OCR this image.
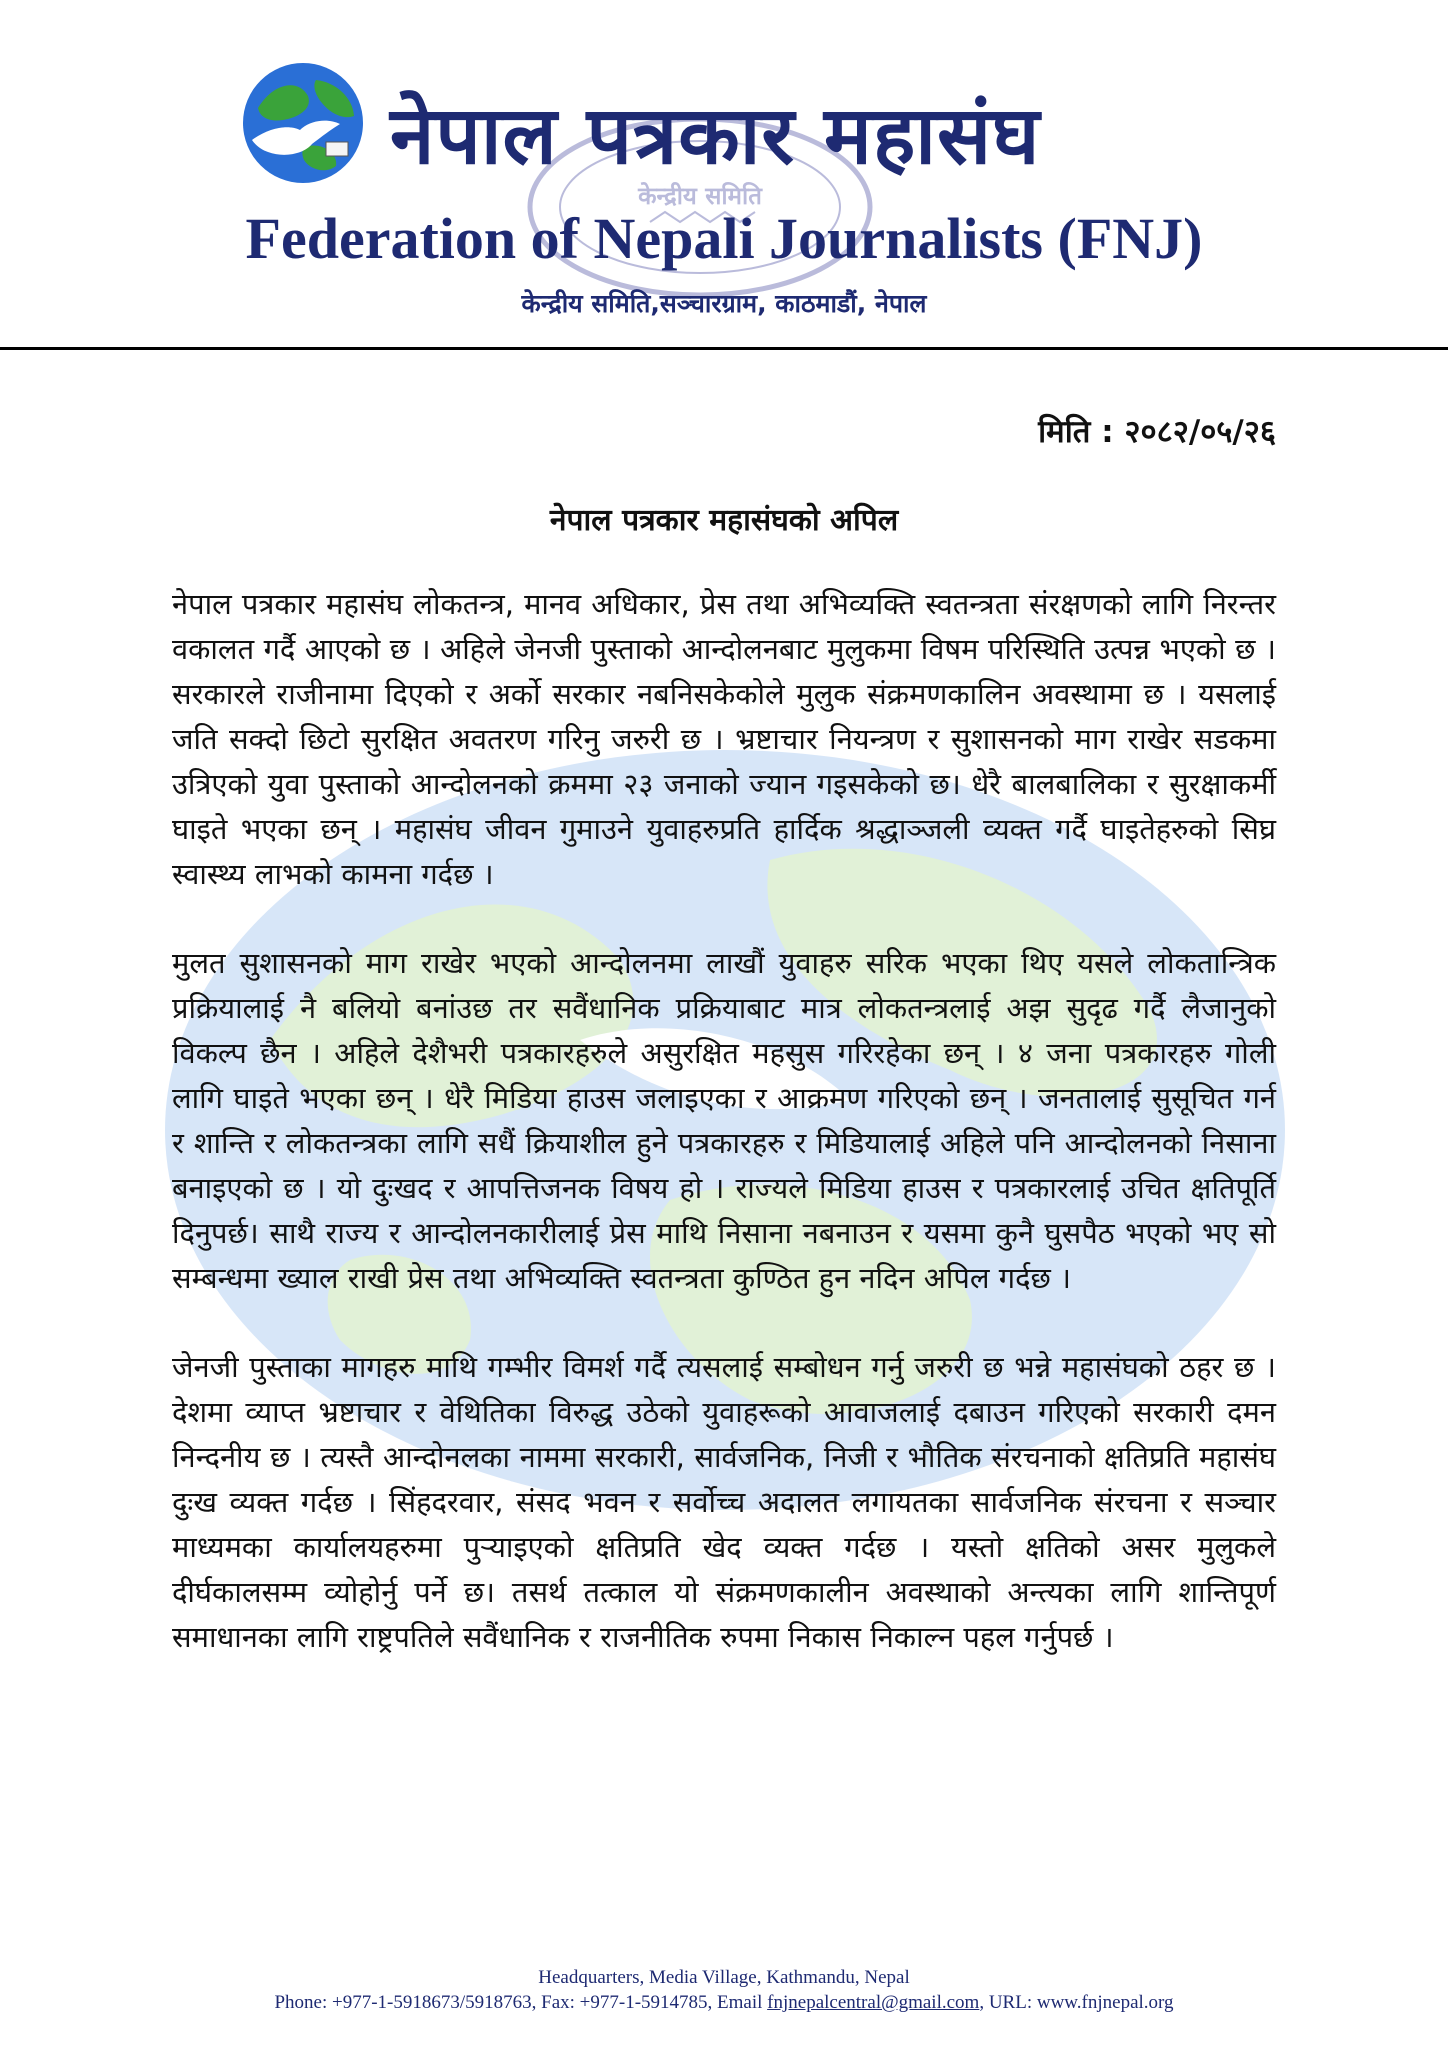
नेपाल पत्रकार महासंघ
Federation of Nepali Journalists (FNJ)

केन्द्रीय समिति,सञ्चारग्राम, काठमाडौं, नेपाल

केन्द्रीय समिति

मिति : २०८२/०५/२६

नेपाल पत्रकार महासंघको अपिल

नेपाल पत्रकार महासंघ लोकतन्त्र, मानव अधिकार, प्रेस तथा अभिव्यक्ति स्वतन्त्रता संरक्षणको लागि निरन्तर वकालत गर्दै आएको छ । अहिले जेनजी पुस्ताको आन्दोलनबाट मुलुकमा विषम परिस्थिति उत्पन्न भएको छ । सरकारले राजीनामा दिएको र अर्को सरकार नबनिसकेकोले मुलुक संक्रमणकालिन अवस्थामा छ । यसलाई जति सक्दो छिटो सुरक्षित अवतरण गरिनु जरुरी छ । भ्रष्टाचार नियन्त्रण र सुशासनको माग राखेर सडकमा उत्रिएको युवा पुस्ताको आन्दोलनको क्रममा २३ जनाको ज्यान गइसकेको छ। धेरै बालबालिका र सुरक्षाकर्मी घाइते भएका छन् । महासंघ जीवन गुमाउने युवाहरुप्रति हार्दिक श्रद्धाञ्जली व्यक्त गर्दै घाइतेहरुको सिघ्र स्वास्थ्य लाभको कामना गर्दछ ।

मुलत सुशासनको माग राखेर भएको आन्दोलनमा लाखौं युवाहरु सरिक भएका थिए यसले लोकतान्त्रिक प्रक्रियालाई नै बलियो बनांउछ तर सवैंधानिक प्रक्रियाबाट मात्र लोकतन्त्रलाई अझ सुदृढ गर्दै लैजानुको विकल्प छैन । अहिले देशैभरी पत्रकारहरुले असुरक्षित महसुस गरिरहेका छन् । ४ जना पत्रकारहरु गोली लागि घाइते भएका छन् । धेरै मिडिया हाउस जलाइएका र आक्रमण गरिएको छन् । जनतालाई सुसूचित गर्न र शान्ति र लोकतन्त्रका लागि सधैं क्रियाशील हुने पत्रकारहरु र मिडियालाई अहिले पनि आन्दोलनको निसाना बनाइएको छ । यो दुःखद र आपत्तिजनक विषय हो । राज्यले मिडिया हाउस र पत्रकारलाई उचित क्षतिपूर्ति दिनुपर्छ। साथै राज्य र आन्दोलनकारीलाई प्रेस माथि निसाना नबनाउन र यसमा कुनै घुसपैठ भएको भए सो सम्बन्धमा ख्याल राखी प्रेस तथा अभिव्यक्ति स्वतन्त्रता कुण्ठित हुन नदिन अपिल गर्दछ ।

जेनजी पुस्ताका मागहरु माथि गम्भीर विमर्श गर्दै त्यसलाई सम्बोधन गर्नु जरुरी छ भन्ने महासंघको ठहर छ । देशमा व्याप्त भ्रष्टाचार र वेथितिका विरुद्ध उठेको युवाहरूको आवाजलाई दबाउन गरिएको सरकारी दमन निन्दनीय छ । त्यस्तै आन्दोनलका नाममा सरकारी, सार्वजनिक, निजी र भौतिक संरचनाको क्षतिप्रति महासंघ दुःख व्यक्त गर्दछ । सिंहदरवार, संसद भवन र सर्वोच्च अदालत लगायतका सार्वजनिक संरचना र सञ्चार माध्यमका कार्यालयहरुमा पुऱ्याइएको क्षतिप्रति खेद व्यक्त गर्दछ । यस्तो क्षतिको असर मुलुकले दीर्घकालसम्म व्योहोर्नु पर्ने छ। तसर्थ तत्काल यो संक्रमणकालीन अवस्थाको अन्त्यका लागि शान्तिपूर्ण समाधानका लागि राष्ट्रपतिले सवैंधानिक र राजनीतिक रुपमा निकास निकाल्न पहल गर्नुपर्छ ।

Headquarters, Media Village, Kathmandu, Nepal
Phone: +977-1-5918673/5918763, Fax: +977-1-5914785, Email fnjnepalcentral@gmail.com, URL: www.fnjnepal.org
